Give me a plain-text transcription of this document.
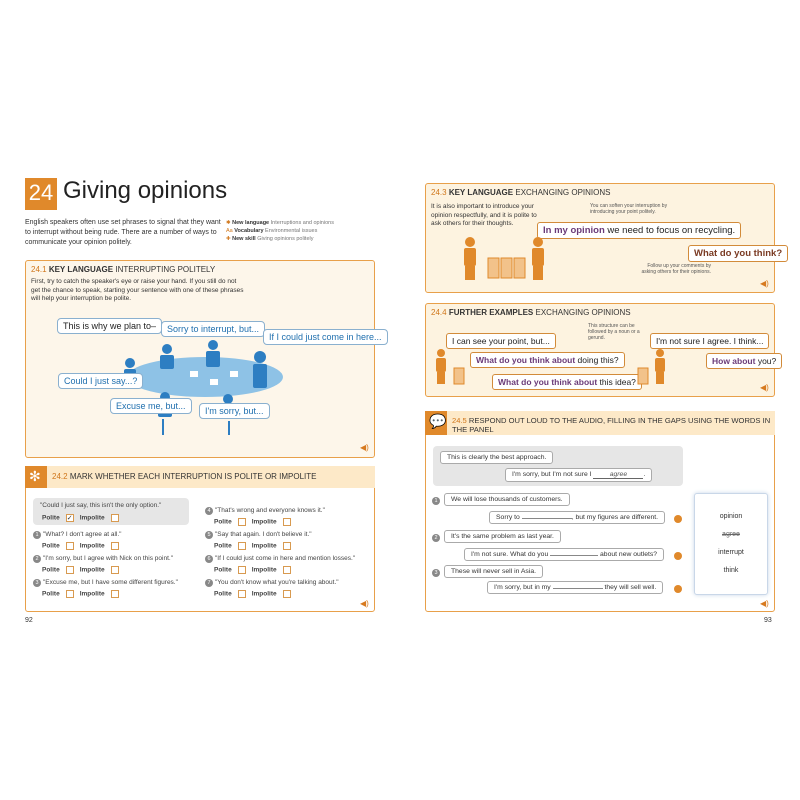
24 Giving opinions
English speakers often use set phrases to signal that they want to interrupt without being rude. There are a number of ways to communicate your opinion politely.
✱ New language Interruptions and opinions
Aa Vocabulary Environmental issues
✚ New skill Giving opinions politely
24.1 KEY LANGUAGE INTERRUPTING POLITELY
First, try to catch the speaker's eye or raise your hand. If you still do not get the chance to speak, starting your sentence with one of these phrases will help your interruption be polite.
This is why we plan to–	Sorry to interrupt, but...
If I could just come in here...
Could I just say...?
Excuse me, but...	I'm sorry, but...
◀)
✻ 24.2 MARK WHETHER EACH INTERRUPTION IS POLITE OR IMPOLITE
"Could I just say, this isn't the only option."
Polite ✓ Impolite
1 "What? I don't agree at all."
Polite	Impolite
2 "I'm sorry, but I agree with Nick on this point."
Polite	Impolite
3 "Excuse me, but I have some different figures."
Polite	Impolite
4 "That's wrong and everyone knows it."
Polite	Impolite
5 "Say that again. I don't believe it."
Polite	Impolite
6 "If I could just come in here and mention losses."
Polite	Impolite
7 "You don't know what you're talking about."
Polite	Impolite
◀)
92
24.3 KEY LANGUAGE EXCHANGING OPINIONS
It is also important to introduce your opinion respectfully, and it is polite to ask others for their thoughts.
You can soften your interruption by introducing your point politely.
In my opinion we need to focus on recycling.
What do you think?
Follow up your comments by asking others for their opinions.
◀)
24.4 FURTHER EXAMPLES EXCHANGING OPINIONS
This structure can be followed by a noun or a gerund.
I can see your point, but...
What do you think about doing this?
What do you think about this idea?
I'm not sure I agree. I think...
How about you?
◀)
💬 24.5 RESPOND OUT LOUD TO THE AUDIO, FILLING IN THE GAPS USING THE WORDS IN THE PANEL
This is clearly the best approach.
I'm sorry, but I'm not sure I	agree .
1	We will lose thousands of customers.
Sorry to	, but my figures are different.
2	It's the same problem as last year.
I'm not sure. What do you	about new outlets?
3	These will never sell in Asia.
I'm sorry, but in my	they will sell well.
opinion
agree
interrupt
think
◀)
93
